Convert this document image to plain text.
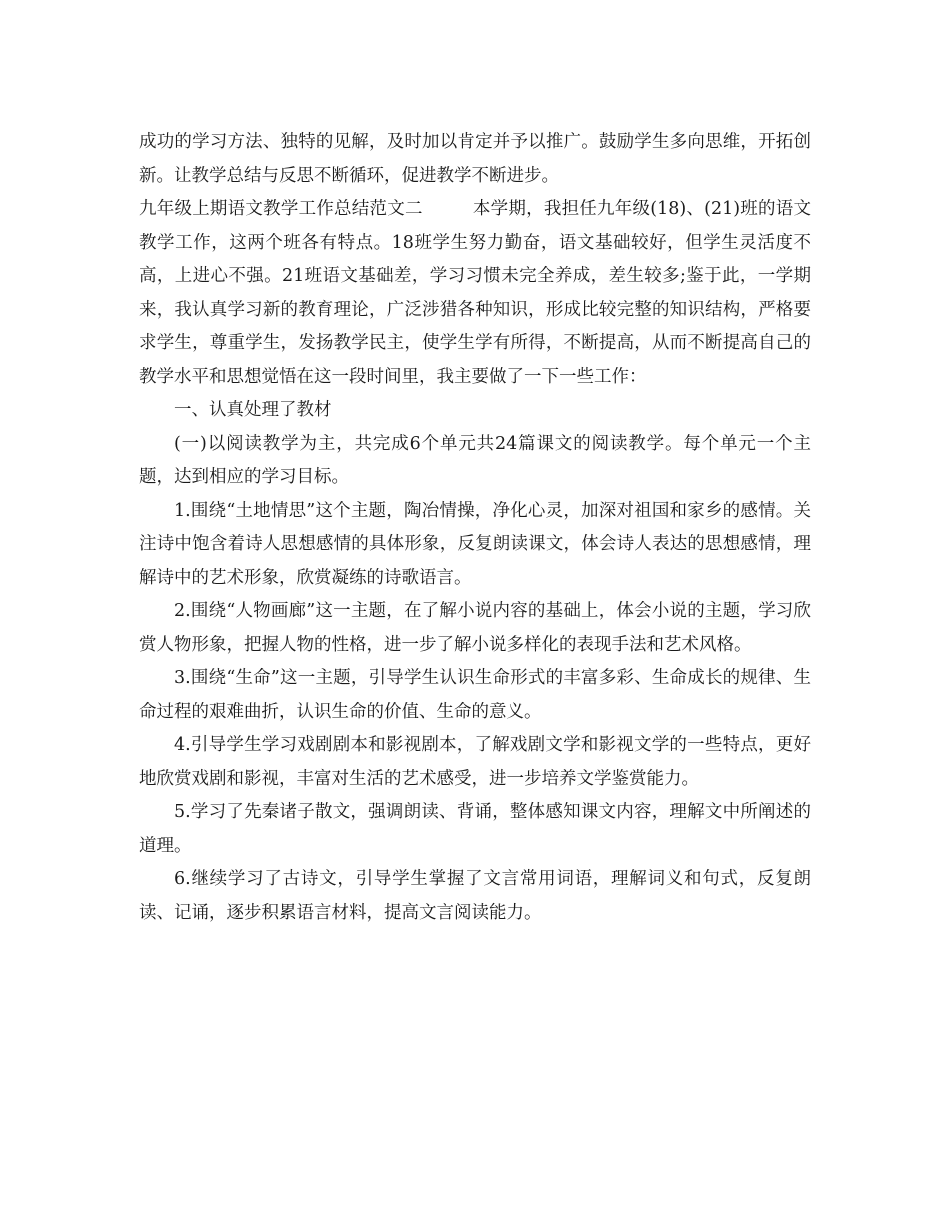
成功的学习方法、独特的见解，及时加以肯定并予以推广。鼓励学生多向思维，开拓创新。让教学总结与反思不断循环，促进教学不断进步。

九年级上期语文教学工作总结范文二	本学期，我担任九年级(18)、(21)班的语文教学工作，这两个班各有特点。18班学生努力勤奋，语文基础较好，但学生灵活度不高，上进心不强。21班语文基础差，学习习惯未完全养成，差生较多;鉴于此，一学期来，我认真学习新的教育理论，广泛涉猎各种知识，形成比较完整的知识结构，严格要求学生，尊重学生，发扬教学民主，使学生学有所得，不断提高，从而不断提高自己的教学水平和思想觉悟在这一段时间里，我主要做了一下一些工作：

一、认真处理了教材

(一)以阅读教学为主，共完成6个单元共24篇课文的阅读教学。每个单元一个主题，达到相应的学习目标。

1.围绕“土地情思”这个主题，陶冶情操，净化心灵，加深对祖国和家乡的感情。关注诗中饱含着诗人思想感情的具体形象，反复朗读课文，体会诗人表达的思想感情，理解诗中的艺术形象，欣赏凝练的诗歌语言。

2.围绕“人物画廊”这一主题，在了解小说内容的基础上，体会小说的主题，学习欣赏人物形象，把握人物的性格，进一步了解小说多样化的表现手法和艺术风格。

3.围绕“生命”这一主题，引导学生认识生命形式的丰富多彩、生命成长的规律、生命过程的艰难曲折，认识生命的价值、生命的意义。

4.引导学生学习戏剧剧本和影视剧本，了解戏剧文学和影视文学的一些特点，更好地欣赏戏剧和影视，丰富对生活的艺术感受，进一步培养文学鉴赏能力。

5.学习了先秦诸子散文，强调朗读、背诵，整体感知课文内容，理解文中所阐述的道理。

6.继续学习了古诗文，引导学生掌握了文言常用词语，理解词义和句式，反复朗读、记诵，逐步积累语言材料，提高文言阅读能力。
